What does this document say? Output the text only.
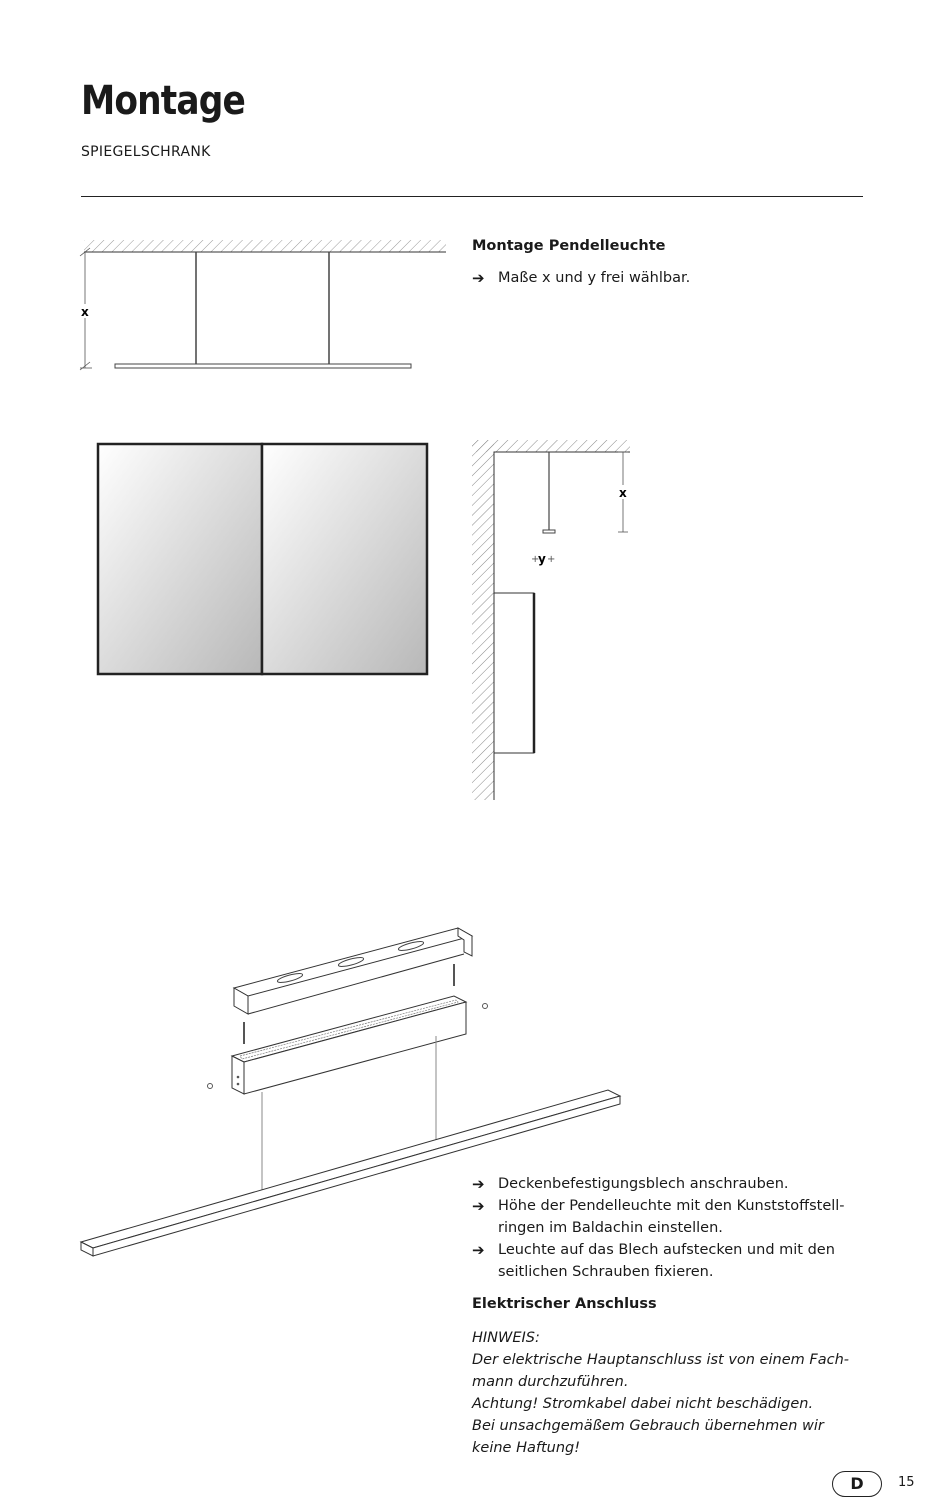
Montage
SPIEGELSCHRANK
x
x
+
y +
Montage Pendelleuchte
➔ Maße x und y frei wählbar.
➔ Deckenbefestigungsblech anschrauben.
➔ Höhe der Pendelleuchte mit den Kunststoffstell-ringen im Baldachin einstellen.
➔ Leuchte auf das Blech aufstecken und mit den seitlichen Schrauben fixieren.
Elektrischer Anschluss

HINWEIS:

Der elektrische Hauptanschluss ist von einem Fach-mann durchzuführen.

Achtung! Stromkabel dabei nicht beschädigen.

Bei unsachgemäßem Gebrauch übernehmen wir keine Haftung!

D	15
